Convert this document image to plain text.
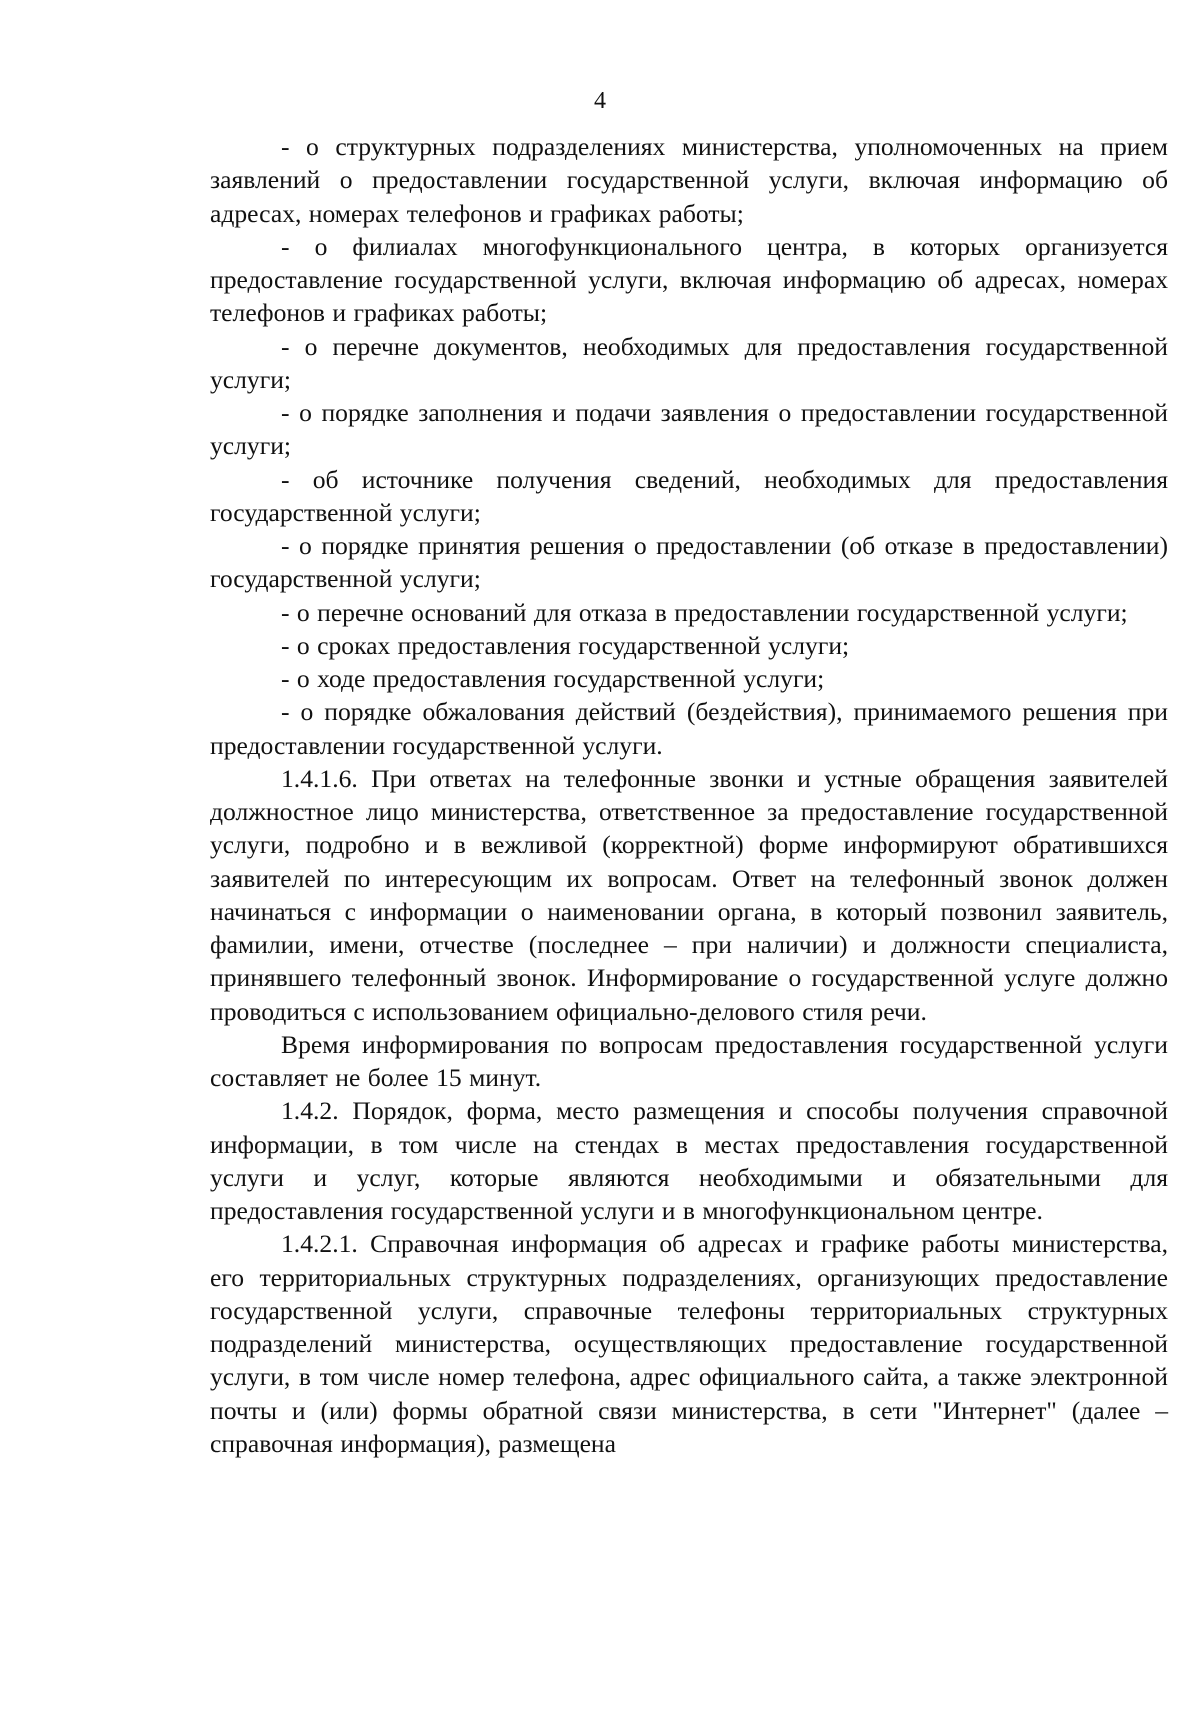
4

- о структурных подразделениях министерства, уполномоченных на прием заявлений о предоставлении государственной услуги, включая информацию об адресах, номерах телефонов и графиках работы;

- о филиалах многофункционального центра, в которых организуется предоставление государственной услуги, включая информацию об адресах, номерах телефонов и графиках работы;

- о перечне документов, необходимых для предоставления государственной услуги;

- о порядке заполнения и подачи заявления о предоставлении государственной услуги;

- об источнике получения сведений, необходимых для предоставления государственной услуги;

- о порядке принятия решения о предоставлении (об отказе в предоставлении) государственной услуги;

- о перечне оснований для отказа в предоставлении государственной услуги;

- о сроках предоставления государственной услуги;

- о ходе предоставления государственной услуги;

- о порядке обжалования действий (бездействия), принимаемого решения при предоставлении государственной услуги.

1.4.1.6. При ответах на телефонные звонки и устные обращения заявителей должностное лицо министерства, ответственное за предоставление государственной услуги, подробно и в вежливой (корректной) форме информируют обратившихся заявителей по интересующим их вопросам. Ответ на телефонный звонок должен начинаться с информации о наименовании органа, в который позвонил заявитель, фамилии, имени, отчестве (последнее – при наличии) и должности специалиста, принявшего телефонный звонок. Информирование о государственной услуге должно проводиться с использованием официально-делового стиля речи.

Время информирования по вопросам предоставления государственной услуги составляет не более 15 минут.

1.4.2. Порядок, форма, место размещения и способы получения справочной информации, в том числе на стендах в местах предоставления государственной услуги и услуг, которые являются необходимыми и обязательными для предоставления государственной услуги и в многофункциональном центре.

1.4.2.1. Справочная информация об адресах и графике работы министерства, его территориальных структурных подразделениях, организующих предоставление государственной услуги, справочные телефоны территориальных структурных подразделений министерства, осуществляющих предоставление государственной услуги, в том числе номер телефона, адрес официального сайта, а также электронной почты и (или) формы обратной связи министерства, в сети "Интернет" (далее – справочная информация), размещена
